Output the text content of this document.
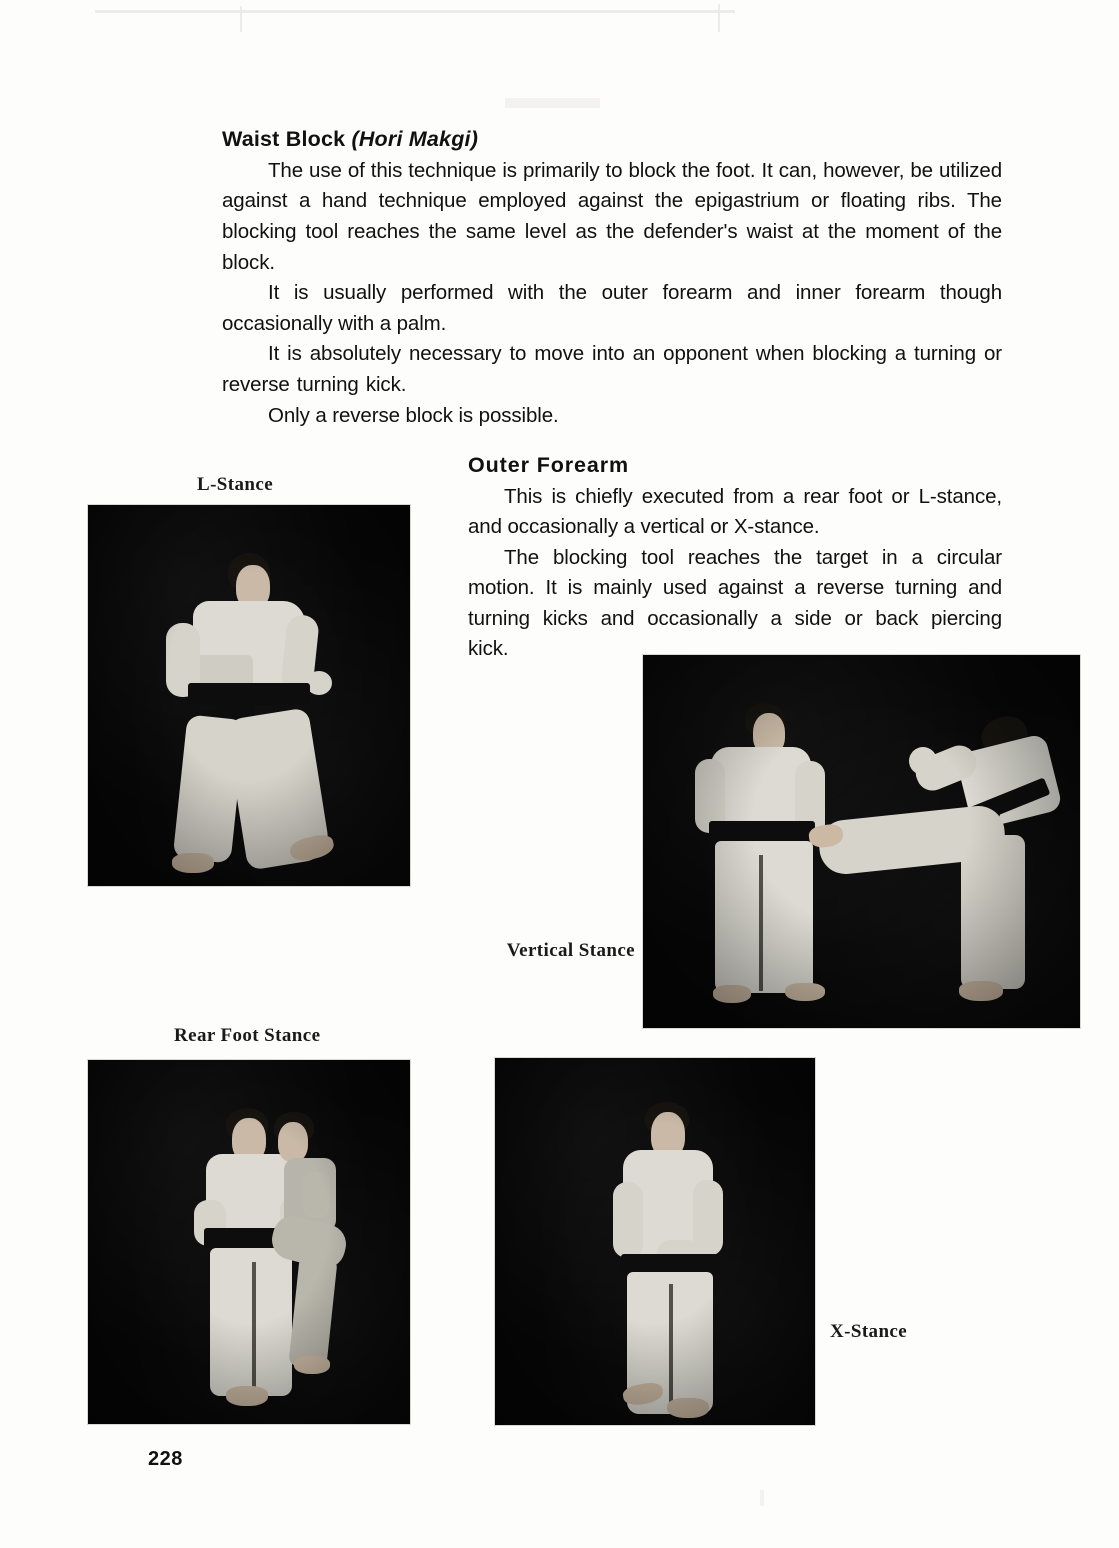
Waist Block (Hori Makgi)

The use of this technique is primarily to block the foot. It can, however, be utilized against a hand technique employed against the epigastrium or floating ribs. The blocking tool reaches the same level as the defender's waist at the moment of the block.

It is usually performed with the outer forearm and inner forearm though occasionally with a palm.

It is absolutely necessary to move into an opponent when blocking a turning or reverse turning kick.

Only a reverse block is possible.

Outer Forearm

This is chiefly executed from a rear foot or L-stance, and occasionally a vertical or X-stance.

The blocking tool reaches the target in a circular motion. It is mainly used against a reverse turning and turning kicks and occasionally a side or back piercing kick.

L-Stance
Vertical Stance
Rear Foot Stance
X-Stance
228
